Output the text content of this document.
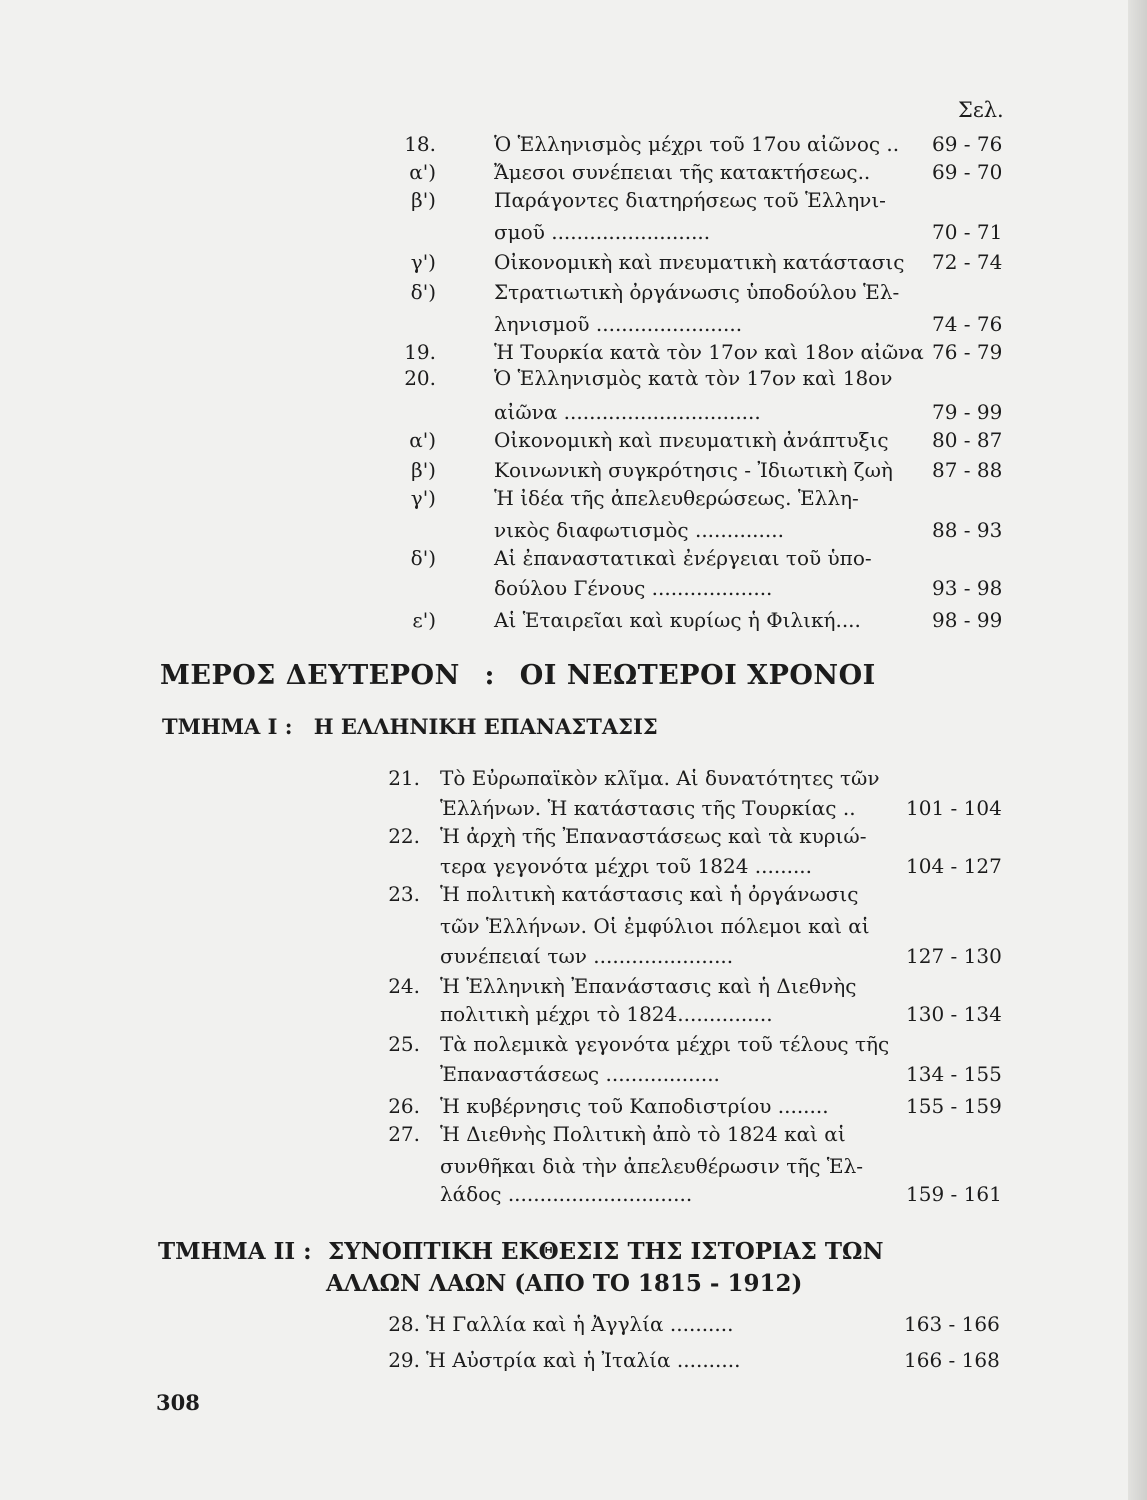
Σελ.
18.	Ὁ Ἑλληνισμὸς μέχρι τοῦ 17ου αἰῶνος .. 69 - 76
α')	Ἄμεσοι συνέπειαι τῆς κατακτήσεως..	69 - 70
β')	Παράγοντες διατηρήσεως τοῦ Ἑλληνι-
σμοῦ .........................	70 - 71
γ')	Οἰκονομικὴ καὶ πνευματικὴ κατάστασις 72 - 74
δ')	Στρατιωτικὴ ὀργάνωσις ὑποδούλου Ἑλ-
ληνισμοῦ .......................	74 - 76
19.	Ἡ Τουρκία κατὰ τὸν 17ον καὶ 18ον αἰῶνα 76 - 79
20.	Ὁ Ἑλληνισμὸς κατὰ τὸν 17ον καὶ 18ον
αἰῶνα ...............................	79 - 99
α')	Οἰκονομικὴ καὶ πνευματικὴ ἀνάπτυξις 80 - 87
β')	Κοινωνικὴ συγκρότησις - Ἰδιωτικὴ ζωὴ 87 - 88
γ')	Ἡ ἰδέα τῆς ἀπελευθερώσεως. Ἑλλη-
νικὸς διαφωτισμὸς ..............	88 - 93
δ')	Αἱ ἐπαναστατικαὶ ἐνέργειαι τοῦ ὑπο-
δούλου Γένους ...................	93 - 98
ε')	Αἱ Ἑταιρεῖαι καὶ κυρίως ἡ Φιλική....	98 - 99
ΜΕΡΟΣ ΔΕΥΤΕΡΟΝ : ΟΙ ΝΕΩΤΕΡΟΙ ΧΡΟΝΟΙ
ΤΜΗΜΑ Ι : Η ΕΛΛΗΝΙΚΗ ΕΠΑΝΑΣΤΑΣΙΣ
21. Τὸ Εὐρωπαϊκὸν κλῖμα. Αἱ δυνατότητες τῶν
Ἑλλήνων. Ἡ κατάστασις τῆς Τουρκίας ..	101 - 104
22. Ἡ ἀρχὴ τῆς Ἐπαναστάσεως καὶ τὰ κυριώ-
τερα γεγονότα μέχρι τοῦ 1824 .........	104 - 127
23. Ἡ πολιτικὴ κατάστασις καὶ ἡ ὀργάνωσις
τῶν Ἑλλήνων. Οἱ ἐμφύλιοι πόλεμοι καὶ αἱ
συνέπειαί των ......................	127 - 130
24. Ἡ Ἑλληνικὴ Ἐπανάστασις καὶ ἡ Διεθνὴς
πολιτικὴ μέχρι τὸ 1824...............	130 - 134
25. Τὰ πολεμικὰ γεγονότα μέχρι τοῦ τέλους τῆς
Ἐπαναστάσεως ..................	134 - 155
26. Ἡ κυβέρνησις τοῦ Καποδιστρίου ........	155 - 159
27. Ἡ Διεθνὴς Πολιτικὴ ἀπὸ τὸ 1824 καὶ αἱ
συνθῆκαι διὰ τὴν ἀπελευθέρωσιν τῆς Ἑλ-
λάδος .............................	159 - 161
ΤΜΗΜΑ ΙΙ : ΣΥΝΟΠΤΙΚΗ ΕΚΘΕΣΙΣ ΤΗΣ ΙΣΤΟΡΙΑΣ ΤΩΝ
ΑΛΛΩΝ ΛΑΩΝ (ΑΠΟ ΤΟ 1815 - 1912)
28. Ἡ Γαλλία καὶ ἡ Ἀγγλία ..........	163 - 166
29. Ἡ Αὐστρία καὶ ἡ Ἰταλία ..........	166 - 168
308
